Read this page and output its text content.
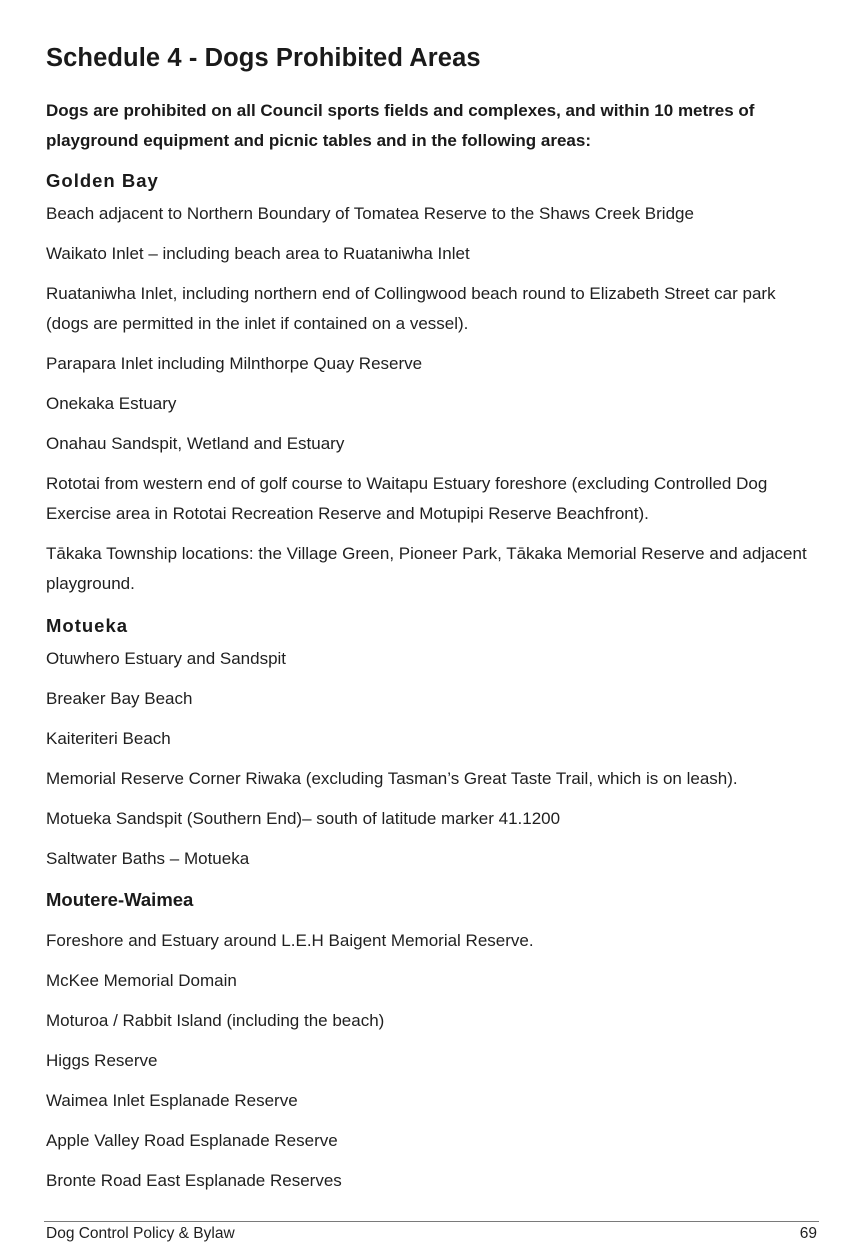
Schedule 4 - Dogs Prohibited Areas

Dogs are prohibited on all Council sports fields and complexes, and within 10 metres of playground equipment and picnic tables and in the following areas:

Golden Bay

Beach adjacent to Northern Boundary of Tomatea Reserve to the Shaws Creek Bridge

Waikato Inlet – including beach area to Ruataniwha Inlet

Ruataniwha Inlet, including northern end of Collingwood beach round to Elizabeth Street car park (dogs are permitted in the inlet if contained on a vessel).

Parapara Inlet including Milnthorpe Quay Reserve

Onekaka Estuary

Onahau Sandspit, Wetland and Estuary

Rototai from western end of golf course to Waitapu Estuary foreshore (excluding Controlled Dog Exercise area in Rototai Recreation Reserve and Motupipi Reserve Beachfront).

Tākaka Township locations: the Village Green, Pioneer Park, Tākaka Memorial Reserve and adjacent playground.

Motueka

Otuwhero Estuary and Sandspit

Breaker Bay Beach

Kaiteriteri Beach

Memorial Reserve Corner Riwaka (excluding Tasman’s Great Taste Trail, which is on leash).

Motueka Sandspit (Southern End)– south of latitude marker 41.1200

Saltwater Baths – Motueka

Moutere-Waimea

Foreshore and Estuary around L.E.H Baigent Memorial Reserve.

McKee Memorial Domain

Moturoa / Rabbit Island (including the beach)

Higgs Reserve

Waimea Inlet Esplanade Reserve

Apple Valley Road Esplanade Reserve

Bronte Road East Esplanade Reserves

Dog Control Policy & Bylaw	69
